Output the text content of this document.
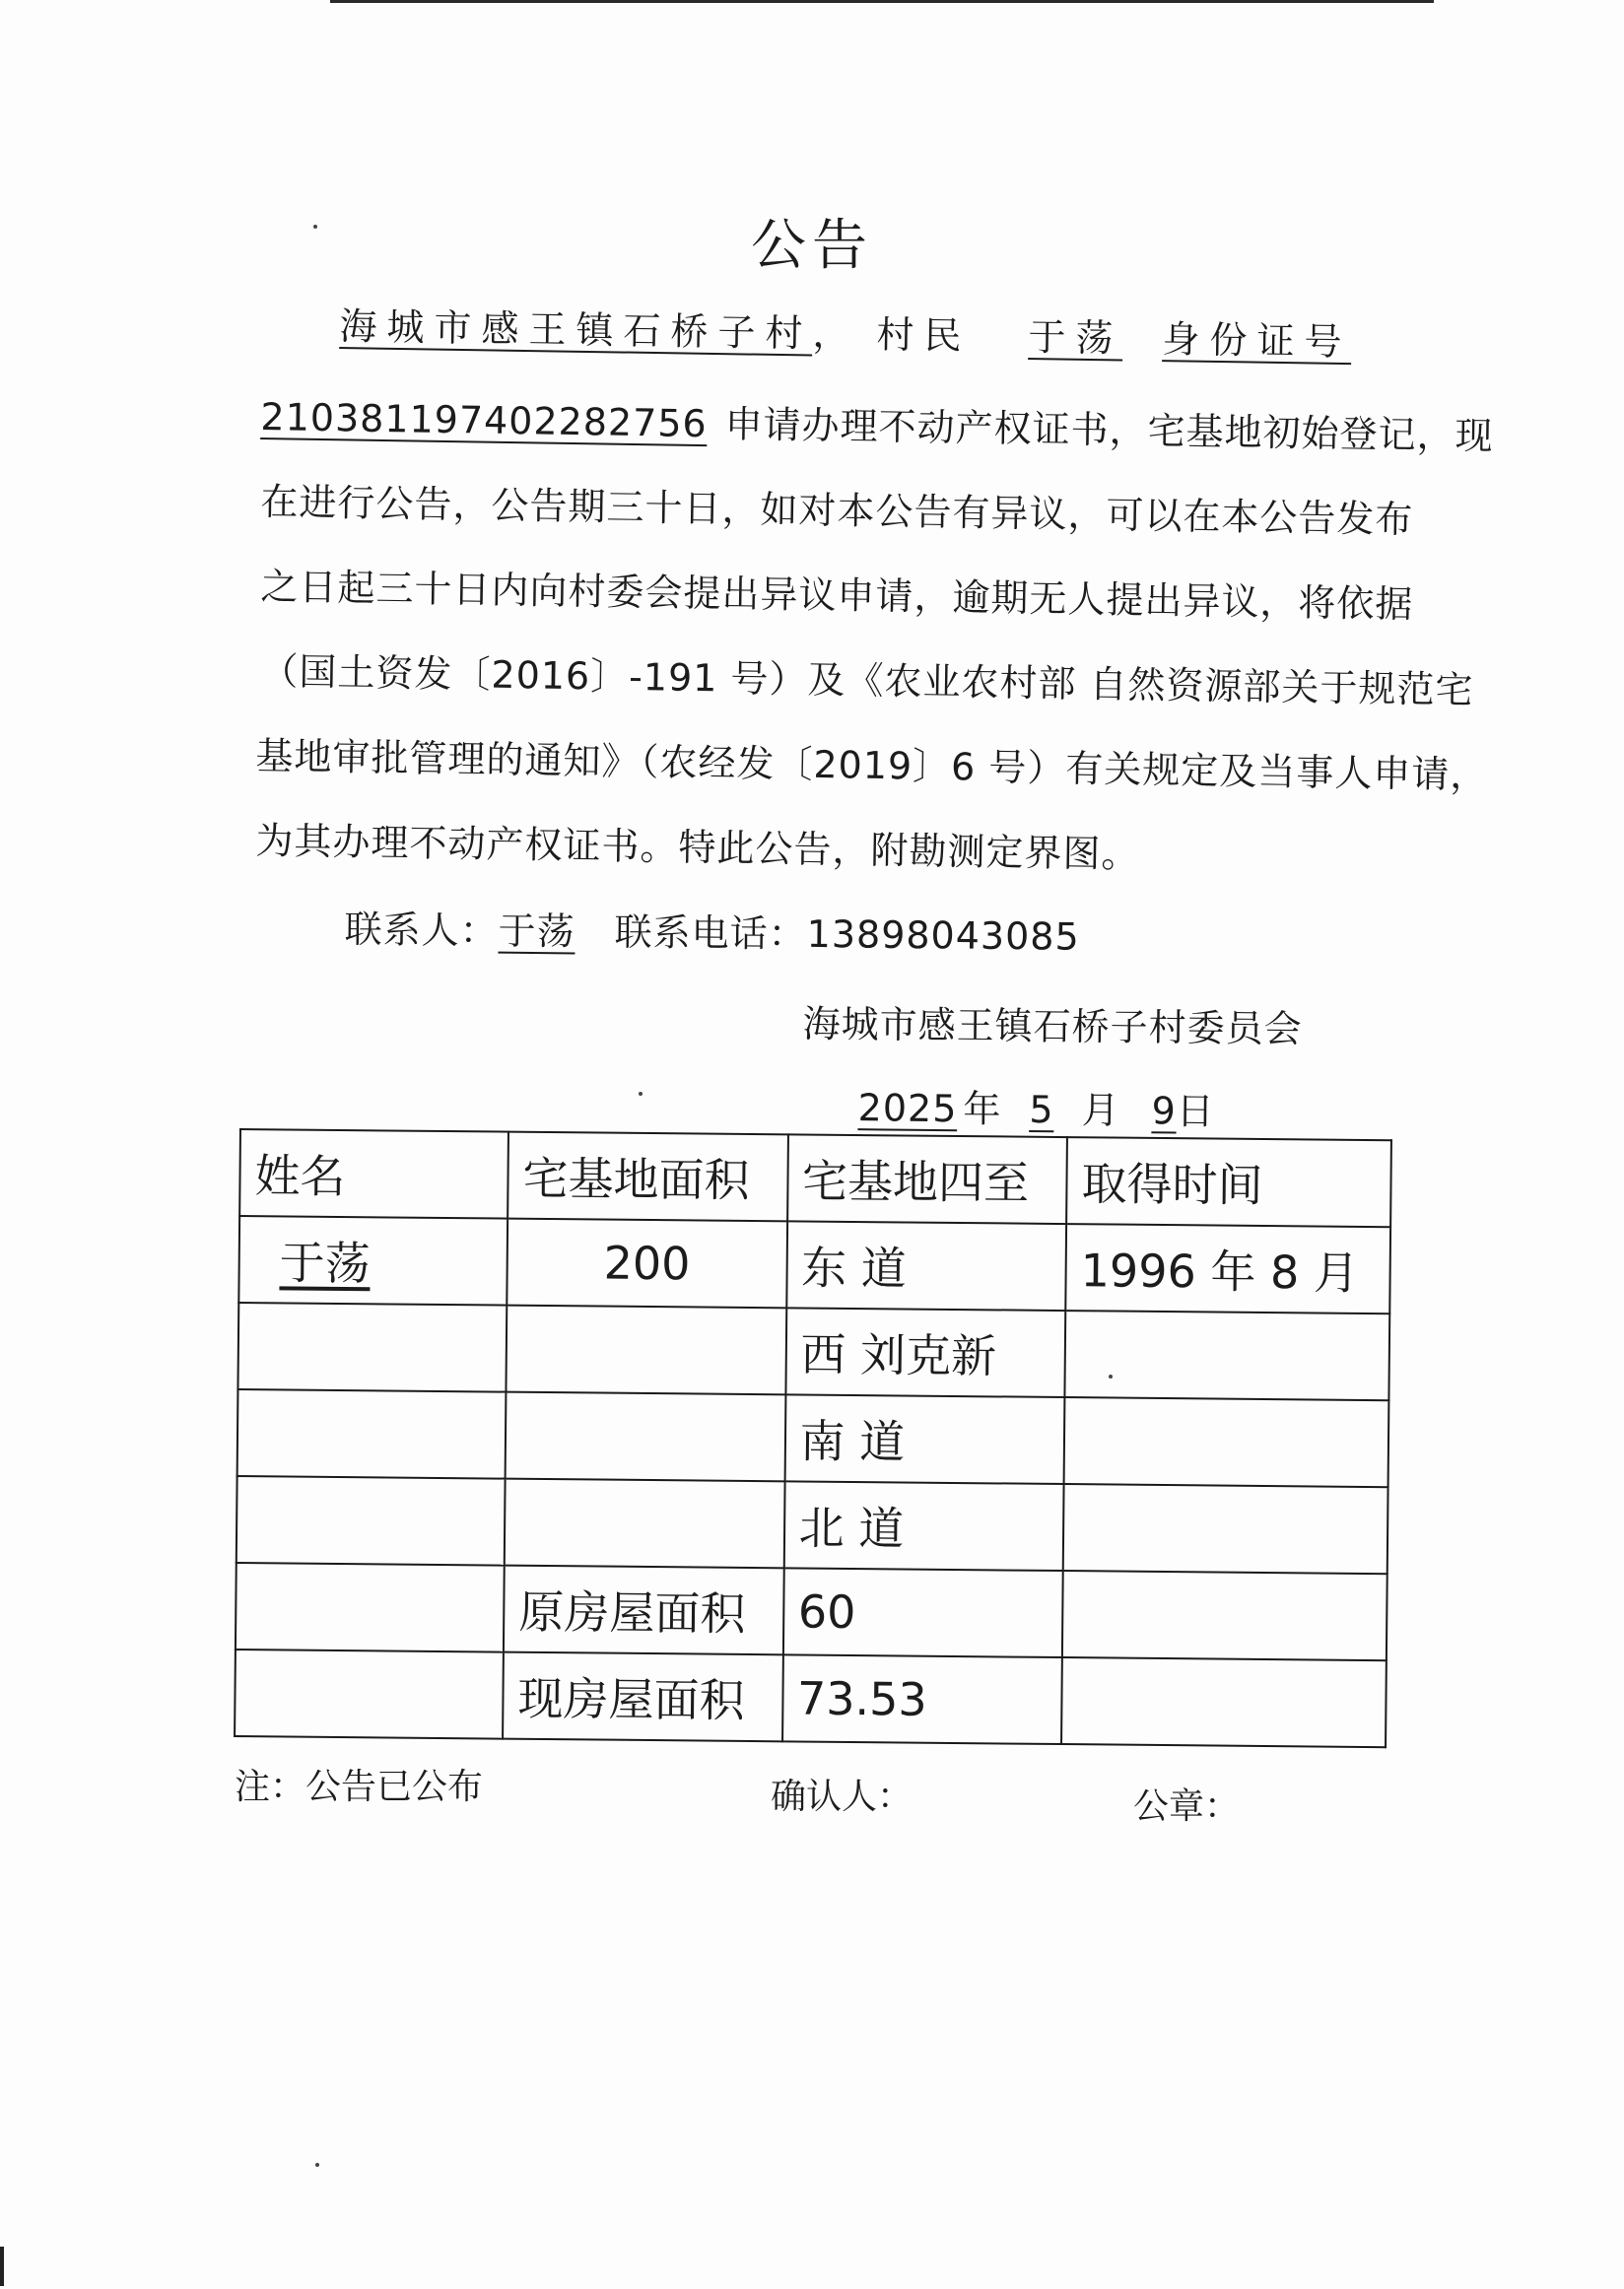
公告
海城市感王镇石桥子村， 村民 于荡 身份证号
210381197402282756 申请办理不动产权证书，宅基地初始登记，现
在进行公告，公告期三十日，如对本公告有异议，可以在本公告发布
之日起三十日内向村委会提出异议申请，逾期无人提出异议，将依据
（国土资发〔2016〕-191 号）及《农业农村部 自然资源部关于规范宅
基地审批管理的通知》（农经发〔2019〕6 号）有关规定及当事人申请，
为其办理不动产权证书。特此公告，附勘测定界图。
联系人：于荡 联系电话：13898043085
海城市感王镇石桥子村委员会
2025 年 5 月 9日
姓名	宅基地面积	宅基地四至	取得时间
于荡	200	东 道	1996 年 8 月
		西 刘克新	
		南 道	
		北 道	
	原房屋面积	60	
	现房屋面积	73.53	
注：公告已公布	确认人：	公章：
